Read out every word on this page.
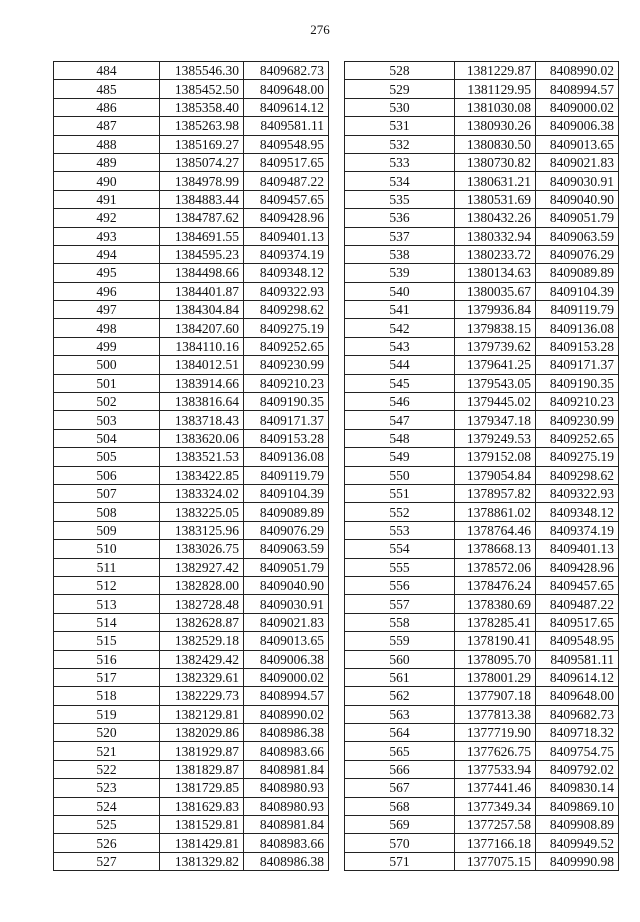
276
484	1385546.30	8409682.73
485	1385452.50	8409648.00
486	1385358.40	8409614.12
487	1385263.98	8409581.11
488	1385169.27	8409548.95
489	1385074.27	8409517.65
490	1384978.99	8409487.22
491	1384883.44	8409457.65
492	1384787.62	8409428.96
493	1384691.55	8409401.13
494	1384595.23	8409374.19
495	1384498.66	8409348.12
496	1384401.87	8409322.93
497	1384304.84	8409298.62
498	1384207.60	8409275.19
499	1384110.16	8409252.65
500	1384012.51	8409230.99
501	1383914.66	8409210.23
502	1383816.64	8409190.35
503	1383718.43	8409171.37
504	1383620.06	8409153.28
505	1383521.53	8409136.08
506	1383422.85	8409119.79
507	1383324.02	8409104.39
508	1383225.05	8409089.89
509	1383125.96	8409076.29
510	1383026.75	8409063.59
511	1382927.42	8409051.79
512	1382828.00	8409040.90
513	1382728.48	8409030.91
514	1382628.87	8409021.83
515	1382529.18	8409013.65
516	1382429.42	8409006.38
517	1382329.61	8409000.02
518	1382229.73	8408994.57
519	1382129.81	8408990.02
520	1382029.86	8408986.38
521	1381929.87	8408983.66
522	1381829.87	8408981.84
523	1381729.85	8408980.93
524	1381629.83	8408980.93
525	1381529.81	8408981.84
526	1381429.81	8408983.66
527	1381329.82	8408986.38
528	1381229.87	8408990.02
529	1381129.95	8408994.57
530	1381030.08	8409000.02
531	1380930.26	8409006.38
532	1380830.50	8409013.65
533	1380730.82	8409021.83
534	1380631.21	8409030.91
535	1380531.69	8409040.90
536	1380432.26	8409051.79
537	1380332.94	8409063.59
538	1380233.72	8409076.29
539	1380134.63	8409089.89
540	1380035.67	8409104.39
541	1379936.84	8409119.79
542	1379838.15	8409136.08
543	1379739.62	8409153.28
544	1379641.25	8409171.37
545	1379543.05	8409190.35
546	1379445.02	8409210.23
547	1379347.18	8409230.99
548	1379249.53	8409252.65
549	1379152.08	8409275.19
550	1379054.84	8409298.62
551	1378957.82	8409322.93
552	1378861.02	8409348.12
553	1378764.46	8409374.19
554	1378668.13	8409401.13
555	1378572.06	8409428.96
556	1378476.24	8409457.65
557	1378380.69	8409487.22
558	1378285.41	8409517.65
559	1378190.41	8409548.95
560	1378095.70	8409581.11
561	1378001.29	8409614.12
562	1377907.18	8409648.00
563	1377813.38	8409682.73
564	1377719.90	8409718.32
565	1377626.75	8409754.75
566	1377533.94	8409792.02
567	1377441.46	8409830.14
568	1377349.34	8409869.10
569	1377257.58	8409908.89
570	1377166.18	8409949.52
571	1377075.15	8409990.98
